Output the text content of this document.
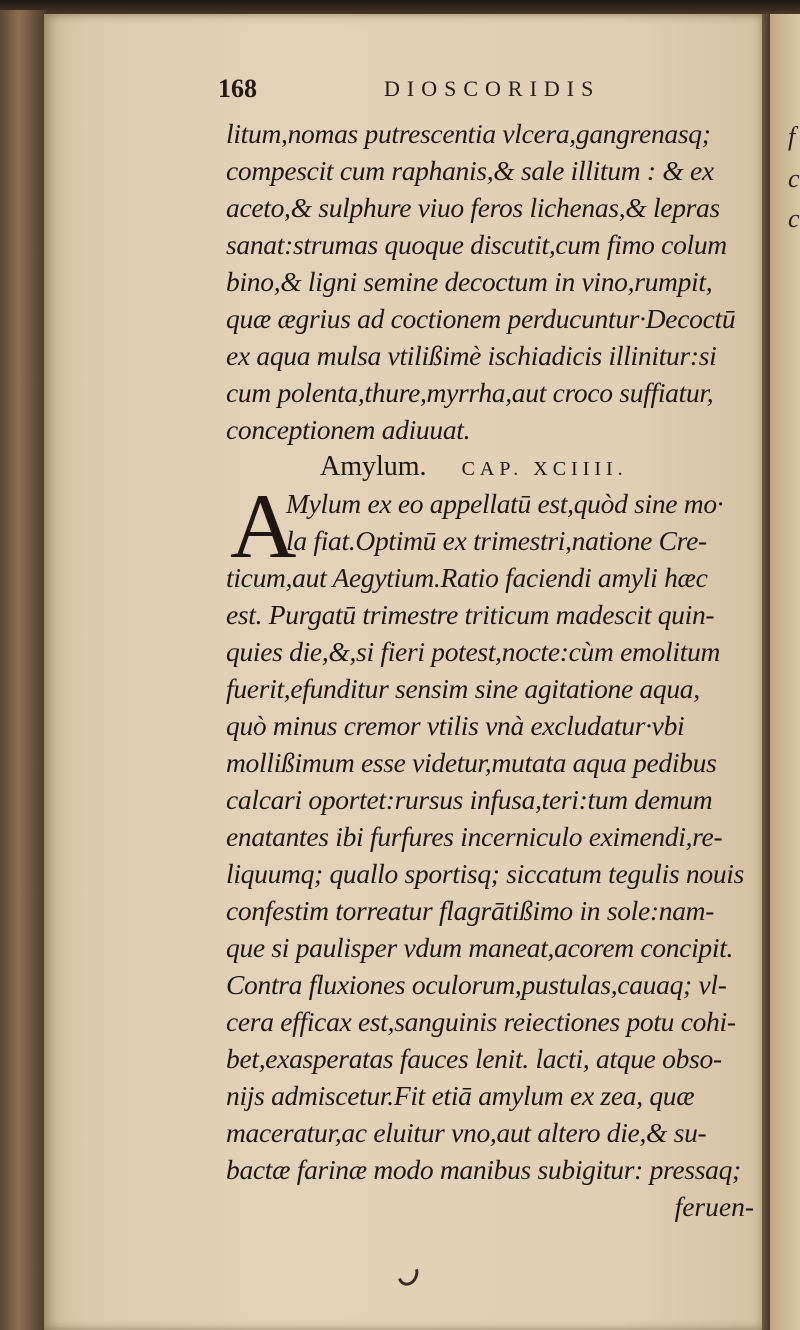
f
c
c
168	DIOSCORIDIS
litum,nomas putrescentia vlcera,gangrenasq;
compescit cum raphanis,& sale illitum : & ex
aceto,& sulphure viuo feros lichenas,& lepras
sanat:strumas quoque discutit,cum fimo colum
bino,& ligni semine decoctum in vino,rumpit,
quæ ægrius ad coctionem perducuntur·Decoctū
ex aqua mulsa vtilißimè ischiadicis illinitur:si
cum polenta,thure,myrrha,aut croco suffiatur,
conceptionem adiuuat.
Amylum. CAP. XCIIII.
A
Mylum ex eo appellatū est,quòd sine mo·
la fiat.Optimū ex trimestri,natione Cre-
ticum,aut Aegytium.Ratio faciendi amyli hæc
est. Purgatū trimestre triticum madescit quin-
quies die,&,si fieri potest,nocte:cùm emolitum
fuerit,efunditur sensim sine agitatione aqua,
quò minus cremor vtilis vnà excludatur·vbi
mollißimum esse videtur,mutata aqua pedibus
calcari oportet:rursus infusa,teri:tum demum
enatantes ibi furfures incerniculo eximendi,re-
liquumq; quallo sportisq; siccatum tegulis nouis
confestim torreatur flagrātißimo in sole:nam-
que si paulisper vdum maneat,acorem concipit.
Contra fluxiones oculorum,pustulas,cauaq; vl-
cera efficax est,sanguinis reiectiones potu cohi-
bet,exasperatas fauces lenit. lacti, atque obso-
nijs admiscetur.Fit etiā amylum ex zea, quæ
maceratur,ac eluitur vno,aut altero die,& su-
bactæ farinæ modo manibus subigitur: pressaq;
feruen-
